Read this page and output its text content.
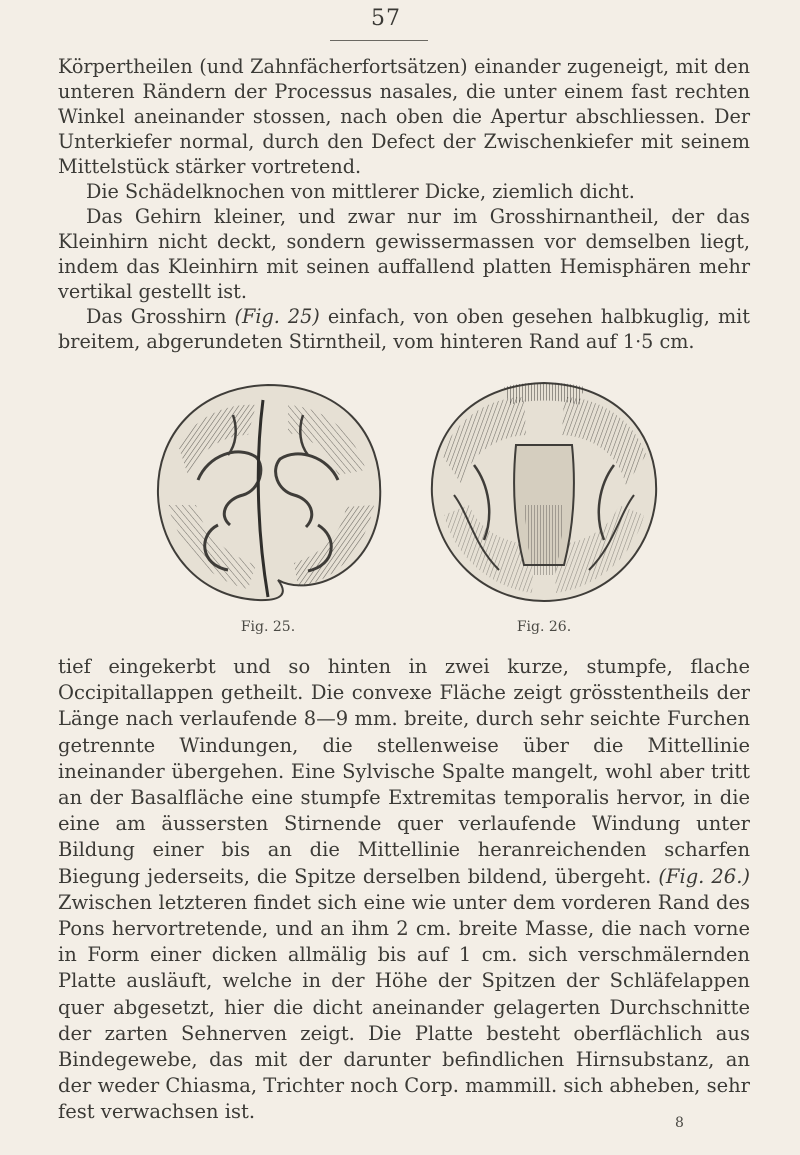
57

Körpertheilen (und Zahnfächerfortsätzen) einander zugeneigt, mit den unteren Rändern der Processus nasales, die unter einem fast rechten Winkel aneinander stossen, nach oben die Apertur abschliessen. Der Unterkiefer normal, durch den Defect der Zwischenkiefer mit seinem Mittelstück stärker vortretend.

Die Schädelknochen von mittlerer Dicke, ziemlich dicht.

Das Gehirn kleiner, und zwar nur im Grosshirnantheil, der das Kleinhirn nicht deckt, sondern gewissermassen vor demselben liegt, indem das Kleinhirn mit seinen auffallend platten Hemisphären mehr vertikal gestellt ist.

Das Grosshirn (Fig. 25) einfach, von oben gesehen halbkuglig, mit breitem, abgerundeten Stirntheil, vom hinteren Rand auf 1·5 cm.

Fig. 25.	Fig. 26.

tief eingekerbt und so hinten in zwei kurze, stumpfe, flache Occipitallappen getheilt. Die convexe Fläche zeigt grösstentheils der Länge nach verlaufende 8—9 mm. breite, durch sehr seichte Furchen getrennte Windungen, die stellenweise über die Mittellinie ineinander übergehen. Eine Sylvische Spalte mangelt, wohl aber tritt an der Basalfläche eine stumpfe Extremitas temporalis hervor, in die eine am äussersten Stirnende quer verlaufende Windung unter Bildung einer bis an die Mittellinie heranreichenden scharfen Biegung jederseits, die Spitze derselben bildend, übergeht. (Fig. 26.) Zwischen letzteren findet sich eine wie unter dem vorderen Rand des Pons hervortretende, und an ihm 2 cm. breite Masse, die nach vorne in Form einer dicken allmälig bis auf 1 cm. sich verschmälernden Platte ausläuft, welche in der Höhe der Spitzen der Schläfelappen quer abgesetzt, hier die dicht aneinander gelagerten Durchschnitte der zarten Sehnerven zeigt. Die Platte besteht oberflächlich aus Bindegewebe, das mit der darunter befindlichen Hirnsubstanz, an der weder Chiasma, Trichter noch Corp. mammill. sich abheben, sehr fest verwachsen ist.	8
